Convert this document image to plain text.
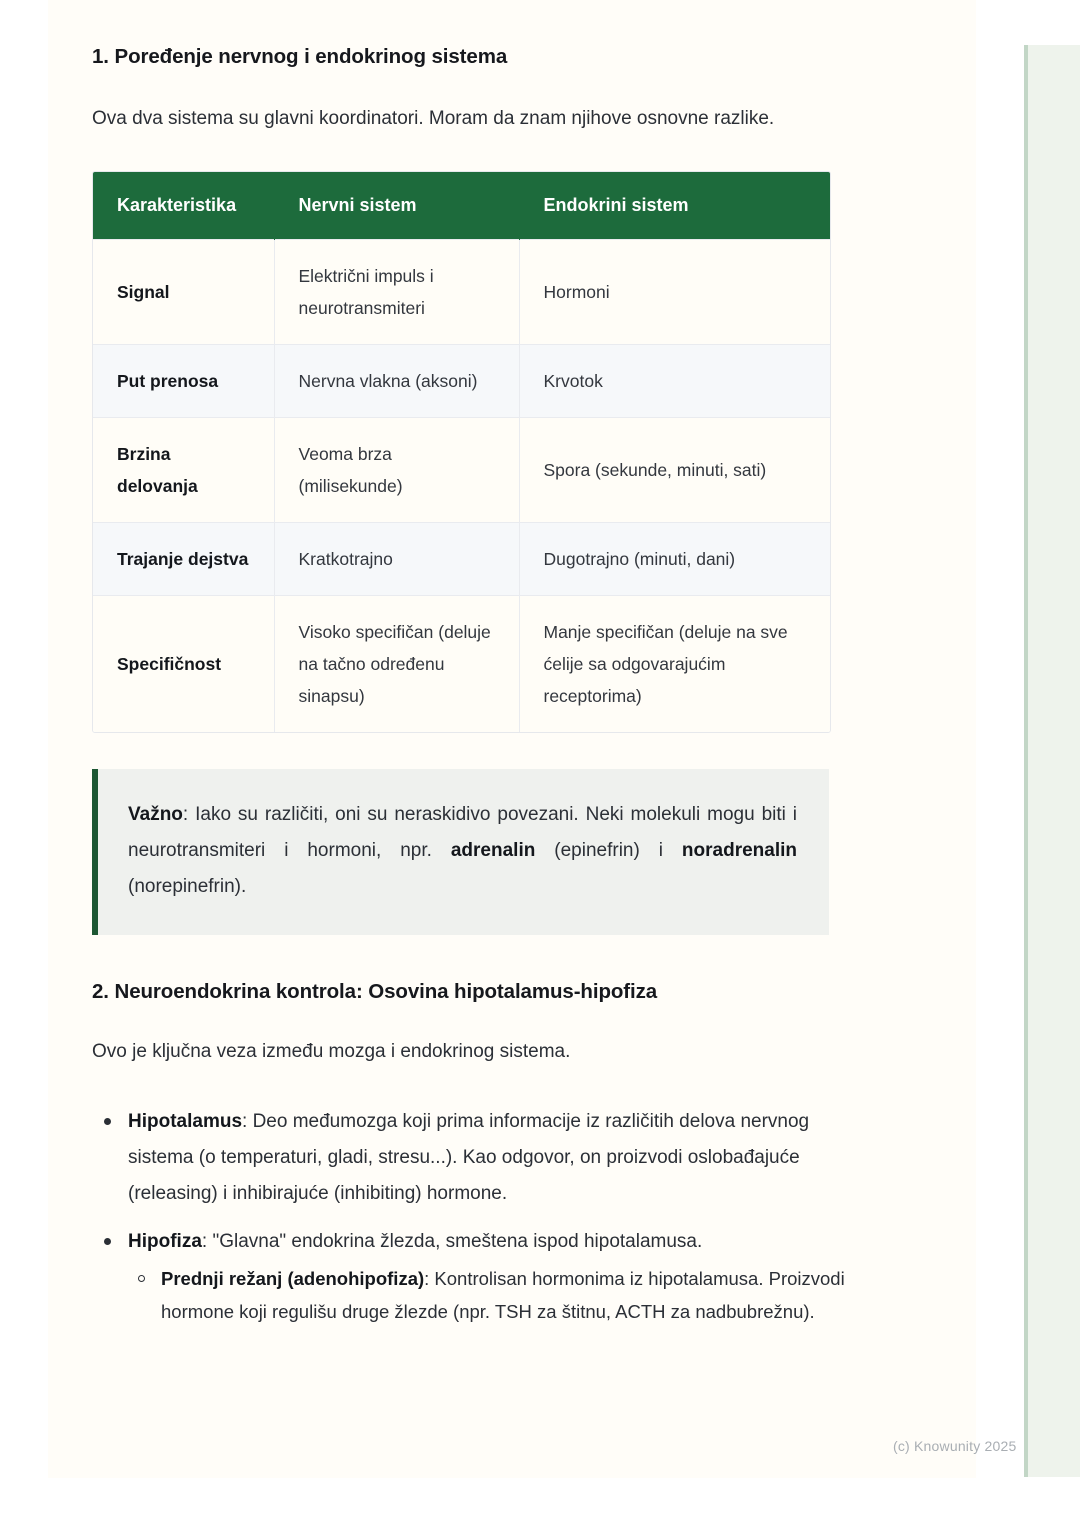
1. Poređenje nervnog i endokrinog sistema

Ova dva sistema su glavni koordinatori. Moram da znam njihove osnovne razlike.

Karakteristika	Nervni sistem	Endokrini sistem
Signal	Električni impuls i neurotransmiteri	Hormoni
Put prenosa	Nervna vlakna (aksoni)	Krvotok
Brzina delovanja	Veoma brza (milisekunde)	Spora (sekunde, minuti, sati)
Trajanje dejstva	Kratkotrajno	Dugotrajno (minuti, dani)
Specifičnost	Visoko specifičan (deluje na tačno određenu sinapsu)	Manje specifičan (deluje na sve ćelije sa odgovarajućim receptorima)

Važno: Iako su različiti, oni su neraskidivo povezani. Neki molekuli mogu biti i neurotransmiteri i hormoni, npr. adrenalin (epinefrin) i noradrenalin (norepinefrin).

2. Neuroendokrina kontrola: Osovina hipotalamus-hipofiza

Ovo je ključna veza između mozga i endokrinog sistema.

Hipotalamus: Deo međumozga koji prima informacije iz različitih delova nervnog sistema (o temperaturi, gladi, stresu...). Kao odgovor, on proizvodi oslobađajuće (releasing) i inhibirajuće (inhibiting) hormone.
Hipofiza: "Glavna" endokrina žlezda, smeštena ispod hipotalamusa.
Prednji režanj (adenohipofiza): Kontrolisan hormonima iz hipotalamusa. Proizvodi hormone koji regulišu druge žlezde (npr. TSH za štitnu, ACTH za nadbubrežnu).
(c) Knowunity 2025
